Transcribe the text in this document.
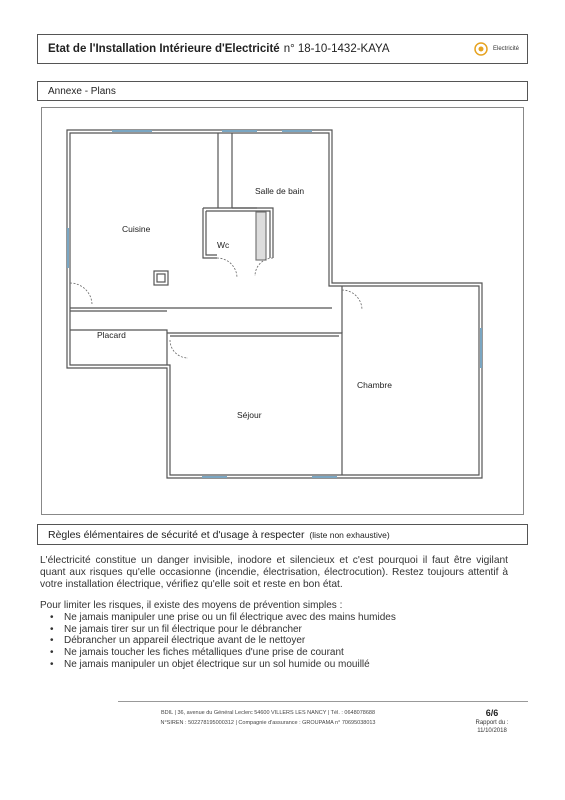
Etat de l'Installation Intérieure d'Electricité n° 18-10-1432-KAYA	Electricité
Annexe - Plans
Cuisine
Salle de bain
Wc
Placard
Chambre
Séjour
Règles élémentaires de sécurité et d'usage à respecter (liste non exhaustive)
L'électricité constitue un danger invisible, inodore et silencieux et c'est pourquoi il faut être vigilant quant aux risques qu'elle occasionne (incendie, électrisation, électrocution). Restez toujours attentif à votre installation électrique, vérifiez qu'elle soit et reste en bon état.
Pour limiter les risques, il existe des moyens de prévention simples :
• Ne jamais manipuler une prise ou un fil électrique avec des mains humides
• Ne jamais tirer sur un fil électrique pour le débrancher
• Débrancher un appareil électrique avant de le nettoyer
• Ne jamais toucher les fiches métalliques d'une prise de courant
• Ne jamais manipuler un objet électrique sur un sol humide ou mouillé
BDIL | 36, avenue du Général Leclerc 54600 VILLERS LES NANCY | Tél. : 0648078688
N°SIREN : 502278195000312 | Compagnie d'assurance : GROUPAMA n° 70695038013
6/6
Rapport du :
11/10/2018
